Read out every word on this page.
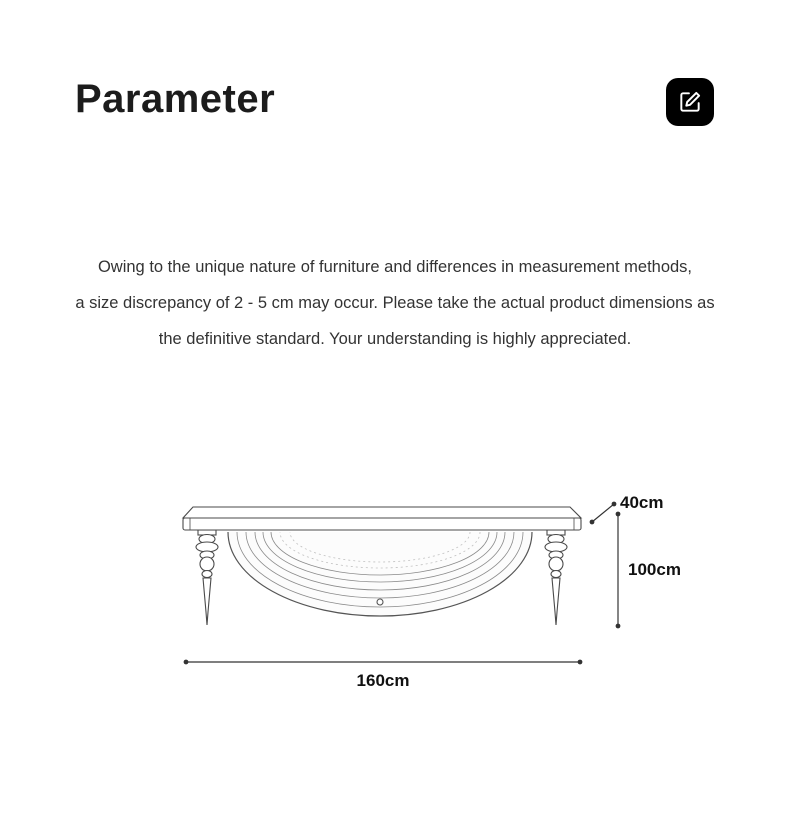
Parameter

Owing to the unique nature of furniture and differences in measurement methods,

a size discrepancy of 2 - 5 cm may occur. Please take the actual product dimensions as

the definitive standard. Your understanding is highly appreciated.

40cm
100cm
160cm
